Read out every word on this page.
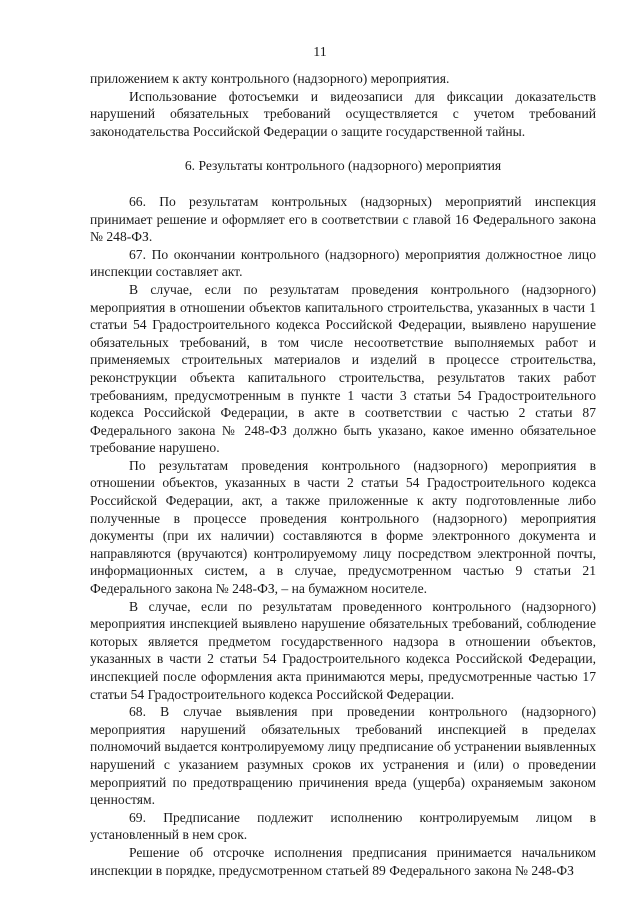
11

приложением к акту контрольного (надзорного) мероприятия.

Использование фотосъемки и видеозаписи для фиксации доказательств нарушений обязательных требований осуществляется с учетом требований законодательства Российской Федерации о защите государственной тайны.

6. Результаты контрольного (надзорного) мероприятия

66. По результатам контрольных (надзорных) мероприятий инспекция принимает решение и оформляет его в соответствии с главой 16 Федерального закона № 248-ФЗ.

67. По окончании контрольного (надзорного) мероприятия должностное лицо инспекции составляет акт.

В случае, если по результатам проведения контрольного (надзорного) мероприятия в отношении объектов капитального строительства, указанных в части 1 статьи 54 Градостроительного кодекса Российской Федерации, выявлено нарушение обязательных требований, в том числе несоответствие выполняемых работ и применяемых строительных материалов и изделий в процессе строительства, реконструкции объекта капитального строительства, результатов таких работ требованиям, предусмотренным в пункте 1 части 3 статьи 54 Градостроительного кодекса Российской Федерации, в акте в соответствии с частью 2 статьи 87 Федерального закона № 248-ФЗ должно быть указано, какое именно обязательное требование нарушено.

По результатам проведения контрольного (надзорного) мероприятия в отношении объектов, указанных в части 2 статьи 54 Градостроительного кодекса Российской Федерации, акт, а также приложенные к акту подготовленные либо полученные в процессе проведения контрольного (надзорного) мероприятия документы (при их наличии) составляются в форме электронного документа и направляются (вручаются) контролируемому лицу посредством электронной почты, информационных систем, а в случае, предусмотренном частью 9 статьи 21 Федерального закона № 248-ФЗ, – на бумажном носителе.

В случае, если по результатам проведенного контрольного (надзорного) мероприятия инспекцией выявлено нарушение обязательных требований, соблюдение которых является предметом государственного надзора в отношении объектов, указанных в части 2 статьи 54 Градостроительного кодекса Российской Федерации, инспекцией после оформления акта принимаются меры, предусмотренные частью 17 статьи 54 Градостроительного кодекса Российской Федерации.

68. В случае выявления при проведении контрольного (надзорного) мероприятия нарушений обязательных требований инспекцией в пределах полномочий выдается контролируемому лицу предписание об устранении выявленных нарушений с указанием разумных сроков их устранения и (или) о проведении мероприятий по предотвращению причинения вреда (ущерба) охраняемым законом ценностям.

69. Предписание подлежит исполнению контролируемым лицом в установленный в нем срок.

Решение об отсрочке исполнения предписания принимается начальником инспекции в порядке, предусмотренном статьей 89 Федерального закона № 248-ФЗ
